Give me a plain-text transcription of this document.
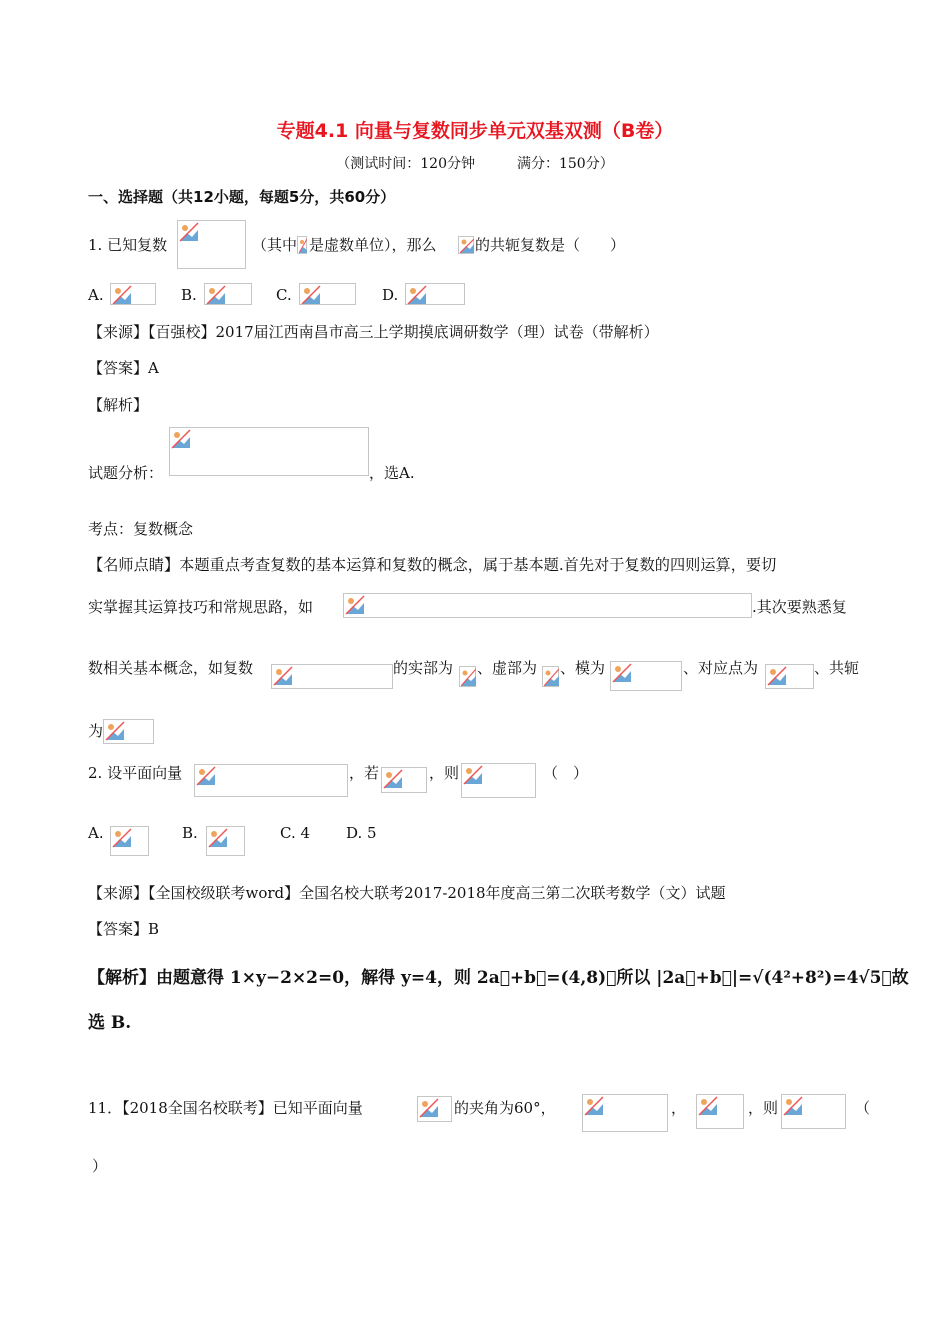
专题4.1 向量与复数同步单元双基双测（B卷）
（测试时间：120分钟　　　满分：150分）
一、选择题（共12小题，每题5分，共60分）
1. 已知复数	（其中 是虚数单位），那么	的共轭复数是（　　）
A.	B.	C.	D.
【来源】【百强校】2017届江西南昌市高三上学期摸底调研数学（理）试卷（带解析）
【答案】A
【解析】
试题分析：	，选A.
考点：复数概念
【名师点睛】本题重点考查复数的基本运算和复数的概念，属于基本题.首先对于复数的四则运算，要切
实掌握其运算技巧和常规思路，如	.其次要熟悉复
数相关基本概念，如复数	的实部为 、虚部为 、模为	、对应点为	、共轭
为
2. 设平面向量	，若	，则	（　）
A.	B.	C. 4 D. 5
【来源】【全国校级联考word】全国名校大联考2017-2018年度高三第二次联考数学（文）试题
【答案】B
【解析】由题意得 1×y−2×2=0，解得 y=4，则 2a⃗+b⃗=(4,8)，所以 |2a⃗+b⃗|=√(4²+8²)=4√5，故
选 B.
11．【2018全国名校联考】已知平面向量	的夹角为60°，	，	，则	（
）
